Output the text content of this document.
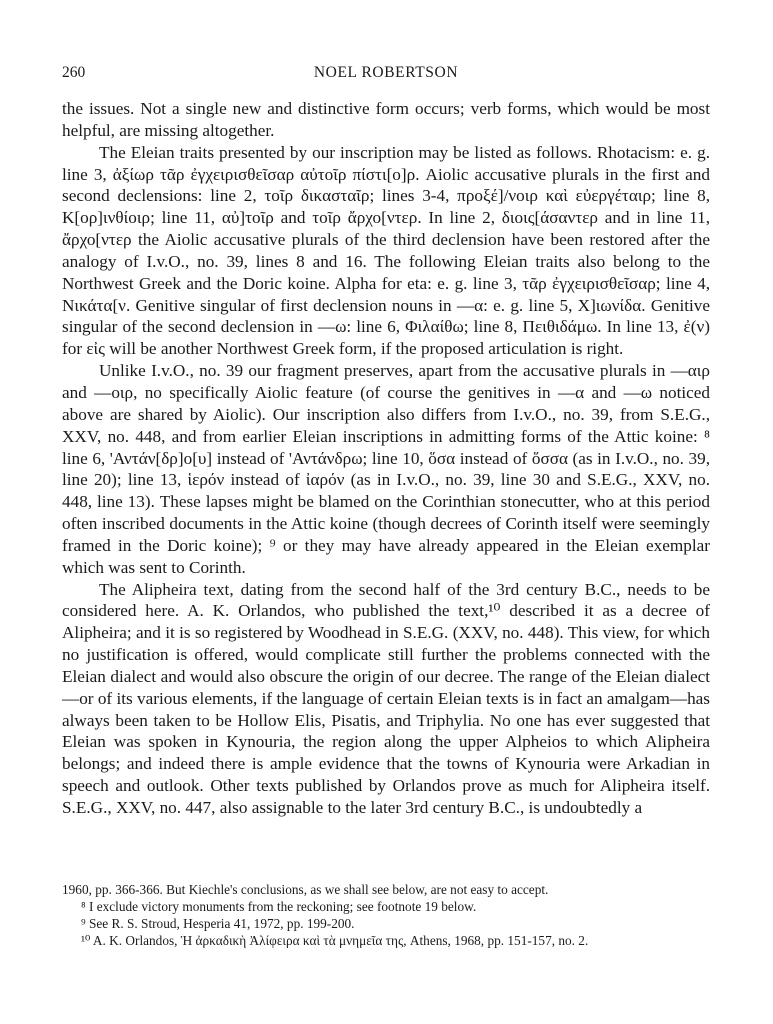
260	NOEL ROBERTSON

the issues. Not a single new and distinctive form occurs; verb forms, which would be most helpful, are missing altogether.

The Eleian traits presented by our inscription may be listed as follows. Rhotacism: e. g. line 3, ἀξίωρ τᾶρ ἐγχειρισθεῖσαρ αὐτοῖρ πίστι[ο]ρ. Aiolic accusative plurals in the first and second declensions: line 2, τοῖρ δικασταῖρ; lines 3-4, προξέ]/νοιρ καὶ εὐεργέταιρ; line 8, Κ[ορ]ινθίοιρ; line 11, αὐ]τοῖρ and τοῖρ ἄρχο[ντερ. In line 2, διοις[άσαντερ and in line 11, ἄρχο[ντερ the Aiolic accusative plurals of the third declension have been restored after the analogy of I.v.O., no. 39, lines 8 and 16. The following Eleian traits also belong to the Northwest Greek and the Doric koine. Alpha for eta: e. g. line 3, τᾶρ ἐγχειρισθεῖσαρ; line 4, Νικάτα[ν. Genitive singular of first declension nouns in —α: e. g. line 5, Χ]ιωνίδα. Genitive singular of the second declension in —ω: line 6, Φιλαίθω; line 8, Πειθιδάμω. In line 13, ἐ(ν) for εἰς will be another Northwest Greek form, if the proposed articulation is right.

Unlike I.v.O., no. 39 our fragment preserves, apart from the accusative plurals in —αιρ and —οιρ, no specifically Aiolic feature (of course the genitives in —α and —ω noticed above are shared by Aiolic). Our inscription also differs from I.v.O., no. 39, from S.E.G., XXV, no. 448, and from earlier Eleian inscriptions in admitting forms of the Attic koine: ⁸ line 6, 'Αντάν[δρ]ο[υ] instead of 'Αντάνδρω; line 10, ὅσα instead of ὅσσα (as in I.v.O., no. 39, line 20); line 13, ἱερόν instead of ἰαρόν (as in I.v.O., no. 39, line 30 and S.E.G., XXV, no. 448, line 13). These lapses might be blamed on the Corinthian stonecutter, who at this period often inscribed documents in the Attic koine (though decrees of Corinth itself were seemingly framed in the Doric koine); ⁹ or they may have already appeared in the Eleian exemplar which was sent to Corinth.

The Alipheira text, dating from the second half of the 3rd century B.C., needs to be considered here. A. K. Orlandos, who published the text,¹⁰ described it as a decree of Alipheira; and it is so registered by Woodhead in S.E.G. (XXV, no. 448). This view, for which no justification is offered, would complicate still further the problems connected with the Eleian dialect and would also obscure the origin of our decree. The range of the Eleian dialect—or of its various elements, if the language of certain Eleian texts is in fact an amalgam—has always been taken to be Hollow Elis, Pisatis, and Triphylia. No one has ever suggested that Eleian was spoken in Kynouria, the region along the upper Alpheios to which Alipheira belongs; and indeed there is ample evidence that the towns of Kynouria were Arkadian in speech and outlook. Other texts published by Orlandos prove as much for Alipheira itself. S.E.G., XXV, no. 447, also assignable to the later 3rd century B.C., is undoubtedly a

1960, pp. 366-366. But Kiechle's conclusions, as we shall see below, are not easy to accept.
⁸ I exclude victory monuments from the reckoning; see footnote 19 below.
⁹ See R. S. Stroud, Hesperia 41, 1972, pp. 199-200.
¹⁰ A. K. Orlandos, Ἡ ἀρκαδικὴ Ἀλίφειρα καὶ τὰ μνημεῖα της, Athens, 1968, pp. 151-157, no. 2.
